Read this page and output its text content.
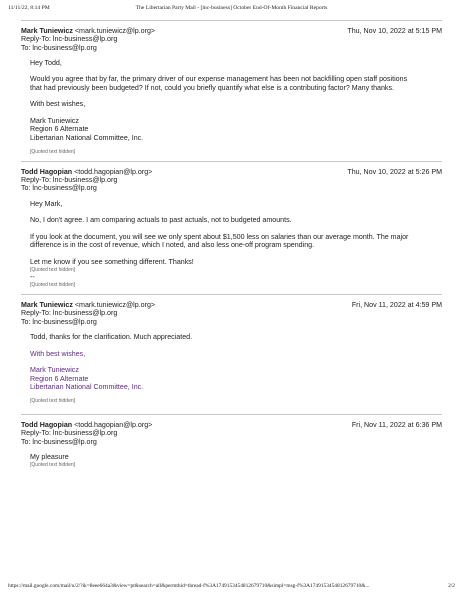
11/11/22, 8:14 PM	The Libertarian Party Mail - [lnc-business] October End-Of-Month Financial Reports
Mark Tuniewicz <mark.tuniewicz@lp.org>	Thu, Nov 10, 2022 at 5:15 PM
Reply-To: lnc-business@lp.org
To: lnc-business@lp.org

Hey Todd,

Would you agree that by far, the primary driver of our expense management has been not backfilling open staff positions

that had previously been budgeted? If not, could you briefly quantify what else is a contributing factor? Many thanks.

With best wishes,

Mark Tuniewicz

Region 6 Alternate

Libertarian National Committee, Inc.

[Quoted text hidden]
Todd Hagopian <todd.hagopian@lp.org>	Thu, Nov 10, 2022 at 5:26 PM
Reply-To: lnc-business@lp.org
To: lnc-business@lp.org

Hey Mark,

No, I don't agree. I am comparing actuals to past actuals, not to budgeted amounts.

If you look at the document, you will see we only spent about $1,500 less on salaries than our average month. The major

difference is in the cost of revenue, which I noted, and also less one-off program spending.

Let me know if you see something different. Thanks!

[Quoted text hidden]
--
[Quoted text hidden]
Mark Tuniewicz <mark.tuniewicz@lp.org>	Fri, Nov 11, 2022 at 4:59 PM
Reply-To: lnc-business@lp.org
To: lnc-business@lp.org

Todd, thanks for the clarification. Much appreciated.

With best wishes,

Mark Tuniewicz

Region 6 Alternate

Libertarian National Committee, Inc.

[Quoted text hidden]
Todd Hagopian <todd.hagopian@lp.org>	Fri, Nov 11, 2022 at 6:36 PM
Reply-To: lnc-business@lp.org
To: lnc-business@lp.org

My pleasure

[Quoted text hidden]
https://mail.google.com/mail/u/2/?ik=8eee664a3&view=pt&search=all&permthid=thread-f%3A1749153454812679710&simpl=msg-f%3A1749153454812679710&...	2/2
